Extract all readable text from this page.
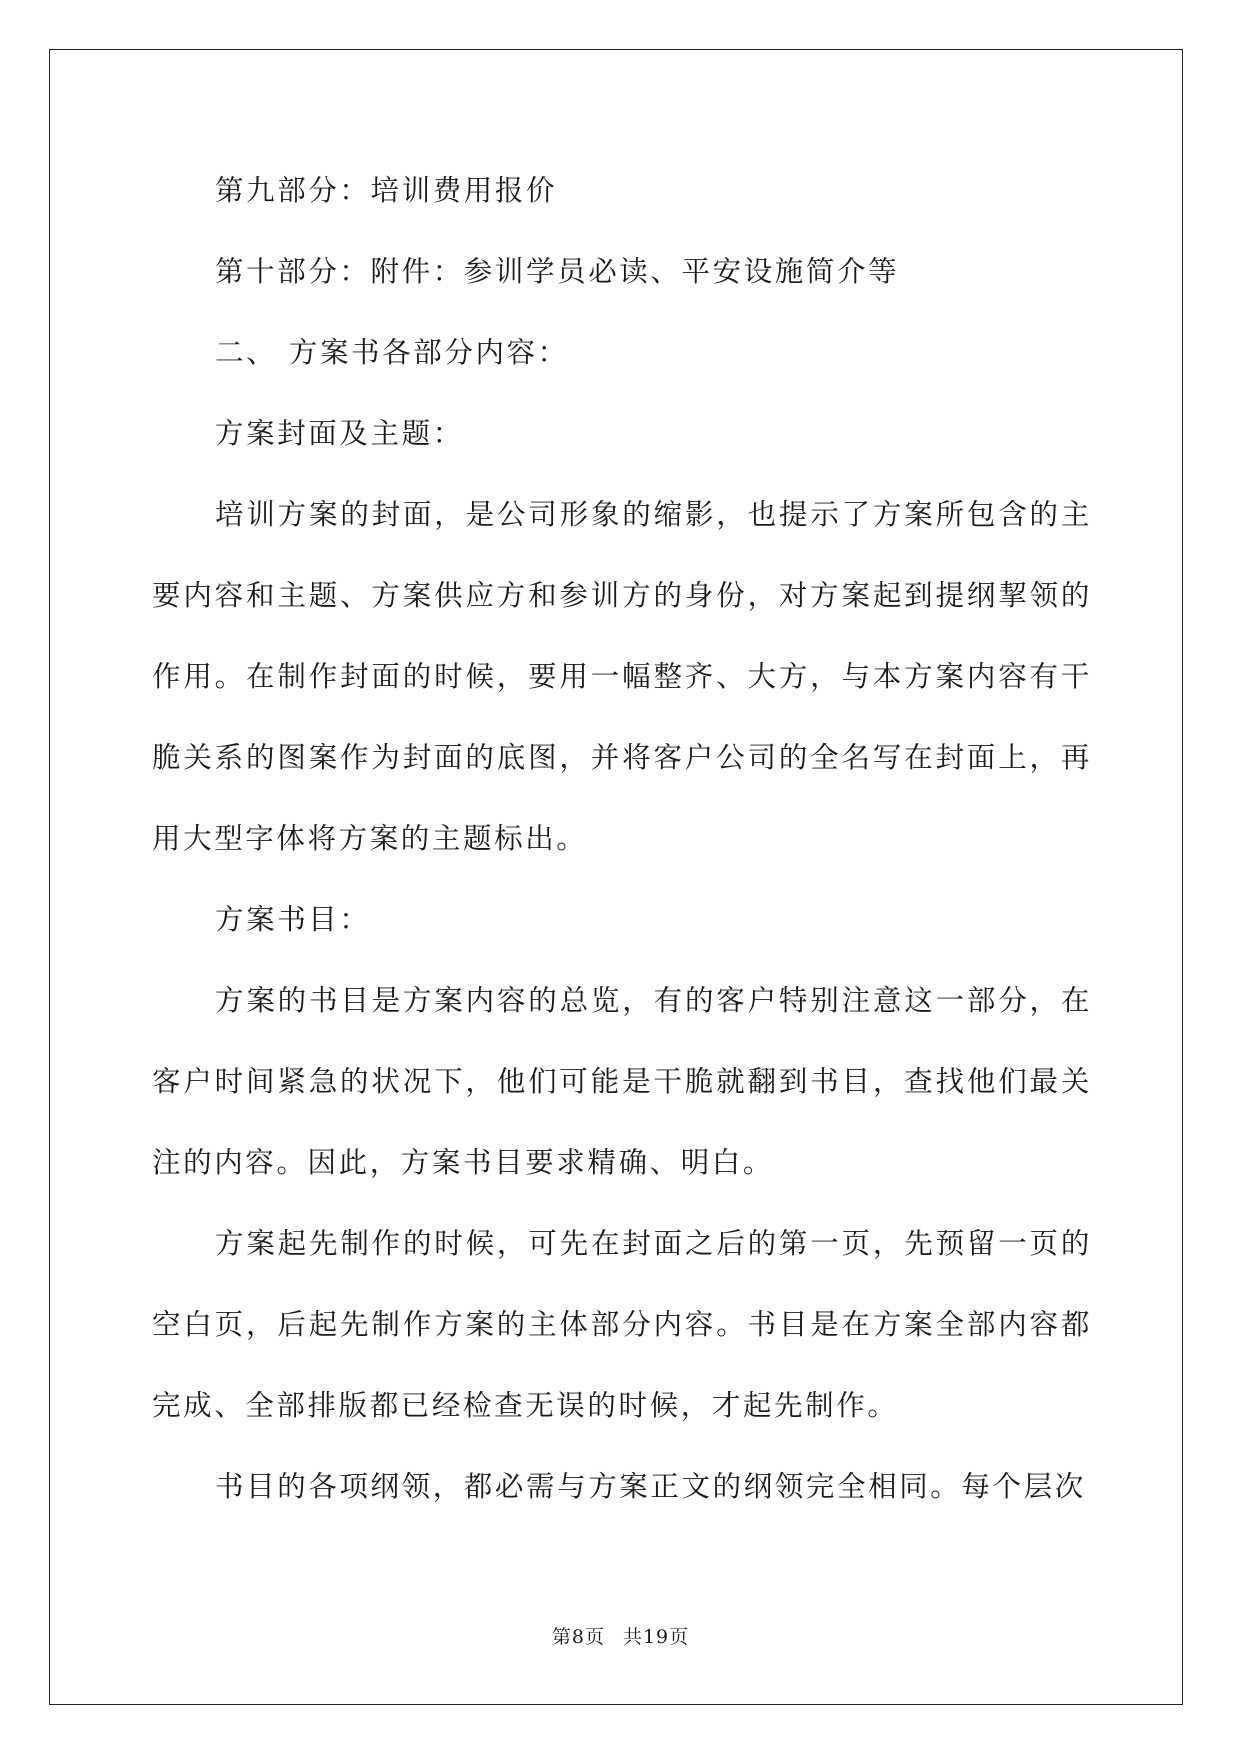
第九部分：培训费用报价

第十部分：附件：参训学员必读、平安设施简介等

二、 方案书各部分内容：

方案封面及主题：

培训方案的封面，是公司形象的缩影，也提示了方案所包含的主要内容和主题、方案供应方和参训方的身份，对方案起到提纲挈领的作用。在制作封面的时候，要用一幅整齐、大方，与本方案内容有干脆关系的图案作为封面的底图，并将客户公司的全名写在封面上，再用大型字体将方案的主题标出。

方案书目：

方案的书目是方案内容的总览，有的客户特别注意这一部分，在客户时间紧急的状况下，他们可能是干脆就翻到书目，查找他们最关注的内容。因此，方案书目要求精确、明白。

方案起先制作的时候，可先在封面之后的第一页，先预留一页的空白页，后起先制作方案的主体部分内容。书目是在方案全部内容都完成、全部排版都已经检查无误的时候，才起先制作。

书目的各项纲领，都必需与方案正文的纲领完全相同。每个层次

第8页 共19页
